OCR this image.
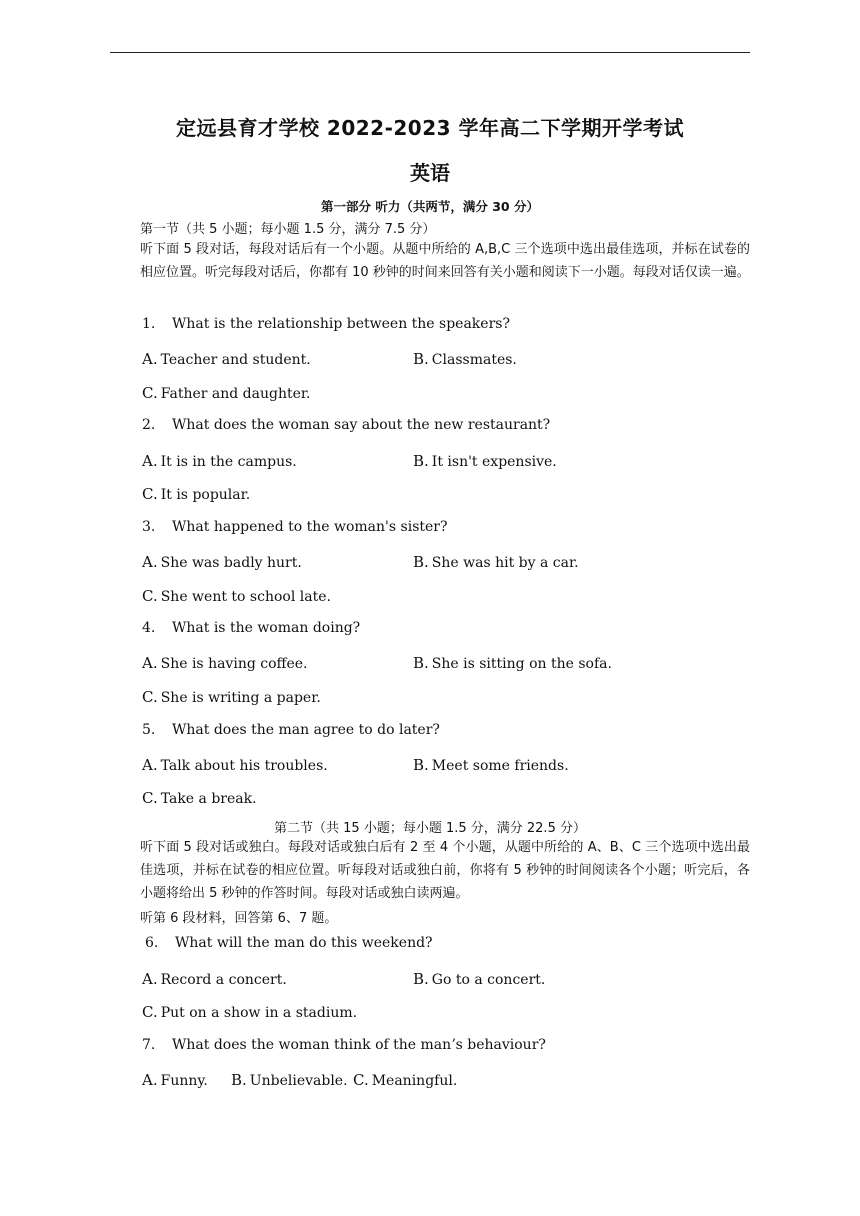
定远县育才学校 2022-2023 学年高二下学期开学考试
英语
第一部分 听力（共两节，满分 30 分）
第一节（共 5 小题；每小题 1.5 分，满分 7.5 分）
听下面 5 段对话，每段对话后有一个小题。从题中所给的 A,B,C 三个选项中选出最佳选项，并标在试卷的相应位置。听完每段对话后，你都有 10 秒钟的时间来回答有关小题和阅读下一小题。每段对话仅读一遍。
1. What is the relationship between the speakers?
A. Teacher and student.	B. Classmates.
C. Father and daughter.
2. What does the woman say about the new restaurant?
A. It is in the campus.	B. It isn't expensive.
C. It is popular.
3. What happened to the woman's sister?
A. She was badly hurt.	B. She was hit by a car.
C. She went to school late.
4. What is the woman doing?
A. She is having coffee.	B. She is sitting on the sofa.
C. She is writing a paper.
5. What does the man agree to do later?
A. Talk about his troubles.	B. Meet some friends.
C. Take a break.
第二节（共 15 小题；每小题 1.5 分，满分 22.5 分）
听下面 5 段对话或独白。每段对话或独白后有 2 至 4 个小题，从题中所给的 A、B、C 三个选项中选出最佳选项，并标在试卷的相应位置。听每段对话或独白前，你将有 5 秒钟的时间阅读各个小题；听完后，各小题将给出 5 秒钟的作答时间。每段对话或独白读两遍。
听第 6 段材料，回答第 6、7 题。
6. What will the man do this weekend?
A. Record a concert.	B. Go to a concert.
C. Put on a show in a stadium.
7. What does the woman think of the manʼs behaviour?
A. Funny. B. Unbelievable. C. Meaningful.
